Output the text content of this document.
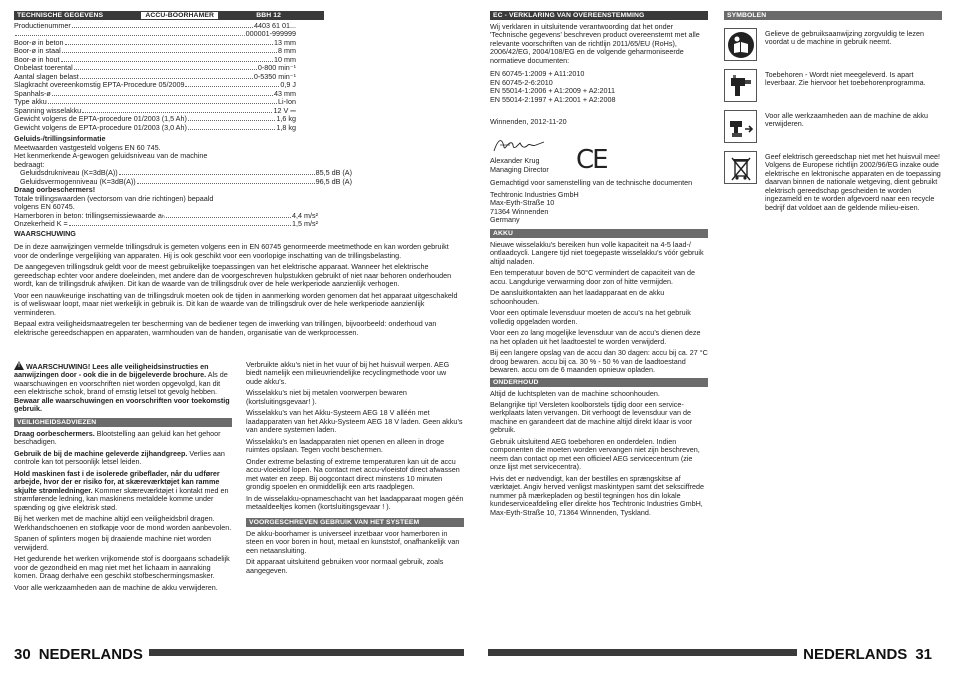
TECHNISCHE GEGEVENS	ACCU-BOORHAMER	BBH 12
Productienummer	4403 61 01...
...000001-999999
Boor-ø in beton	13 mm
Boor-ø in staal	8 mm
Boor-ø in hout	10 mm
Onbelast toerental	0-800 min⁻¹
Aantal slagen belast	0-5350 min⁻¹
Slagkracht overeenkomstig EPTA-Procedure 05/2009	0,9 J
Spanhals-ø	43 mm
Type akku	Li-Ion
Spanning wisselakku	12 V ⎓
Gewicht volgens de EPTA-procedure 01/2003 (1,5 Ah)	1,6 kg
Gewicht volgens de EPTA-procedure 01/2003 (3,0 Ah)	1,8 kg
Geluids-/trillingsinformatie
Meetwaarden vastgesteld volgens EN 60 745.
Het kenmerkende A-gewogen geluidsniveau van de machine
bedraagt:
Geluidsdrukniveau (K=3dB(A))	85,5 dB (A)
Geluidsvermogenniveau (K=3dB(A))	96,5 dB (A)
Draag oorbeschermers!
Totale trillingswaarden (vectorsom van drie richtingen) bepaald
volgens EN 60745.
Hamerboren in beton: trillingsemissiewaarde aₕ	4,4 m/s²
Onzekerheid K =	1,5 m/s²
WAARSCHUWING

De in deze aanwijzingen vermelde trillingsdruk is gemeten volgens een in EN 60745 genormeerde meetmethode en kan worden gebruikt voor de onderlinge vergelijking van apparaten. Hij is ook geschikt voor een voorlopige inschatting van de trillingsbelasting.

De aangegeven trillingsdruk geldt voor de meest gebruikelijke toepassingen van het elektrische apparaat. Wanneer het elektrische gereedschap echter voor andere doeleinden, met andere dan de voorgeschreven hulpstukken gebruikt of niet naar behoren onderhouden wordt, kan de trillingsdruk afwijken. Dit kan de waarde van de trillingsdruk over de hele werkperiode aanzienlijk verhogen.

Voor een nauwkeurige inschatting van de trillingsdruk moeten ook de tijden in aanmerking worden genomen dat het apparaat uitgeschakeld is of weliswaar loopt, maar niet werkelijk in gebruik is. Dit kan de waarde van de trillingsdruk over de hele werkperiode aanzienlijk verminderen.

Bepaal extra veiligheidsmaatregelen ter bescherming van de bediener tegen de inwerking van trillingen, bijvoorbeeld: onderhoud van elektrische gereedschappen en apparaten, warmhouden van de handen, organisatie van de werkprocessen.

! WAARSCHUWING! Lees alle veiligheidsinstructies en aanwijzingen door - ook die in de bijgeleverde brochure. Als de waarschuwingen en voorschriften niet worden opgevolgd, kan dit een elektrische schok, brand of ernstig letsel tot gevolg hebben.
Bewaar alle waarschuwingen en voorschriften voor toekomstig gebruik.

VEILIGHEIDSADVIEZEN

Draag oorbeschermers. Blootstelling aan geluid kan het gehoor beschadigen.

Gebruik de bij de machine geleverde zijhandgreep. Verlies aan controle kan tot persoonlijk letsel leiden.

Hold maskinen fast i de isolerede gribeflader, når du udfører arbejde, hvor der er risiko for, at skæreværktøjet kan ramme skjulte strømledninger. Kommer skæreværktøjet i kontakt med en strømførende ledning, kan maskinens metaldele komme under spænding og give elektrisk stød.

Bij het werken met de machine altijd een veiligheidsbril dragen. Werkhandschoenen en stofkapje voor de mond worden aanbevolen.

Spanen of splinters mogen bij draaiende machine niet worden verwijderd.

Het gedurende het werken vrijkomende stof is doorgaans schadelijk voor de gezondheid en mag niet met het lichaam in aanraking komen. Draag derhalve een geschikt stofbeschermingsmasker.

Voor alle werkzaamheden aan de machine de akku verwijderen.

Verbruikte akku’s niet in het vuur of bij het huisvuil werpen. AEG biedt namelijk een milieuvriendelijke recyclingmethode voor uw oude akku’s.

Wisselakku’s niet bij metalen voorwerpen bewaren (kortsluitingsgevaar! ).

Wisselakku’s van het Akku-Systeem AEG 18 V alléén met laadapparaten van het Akku-Systeem AEG 18 V laden. Geen akku’s van andere systemen laden.

Wisselakku’s en laadapparaten niet openen en alleen in droge ruimtes opslaan. Tegen vocht beschermen.

Onder extreme belasting of extreme temperaturen kan uit de accu accu-vloeistof lopen. Na contact met accu-vloeistof direct afwassen met water en zeep. Bij oogcontact direct minstens 10 minuten grondig spoelen en onmiddellijk een arts raadplegen.

In de wisselakku-opnameschacht van het laadapparaat mogen géén metaaldeeltjes komen (kortsluitingsgevaar ! ).

VOORGESCHREVEN GEBRUIK VAN HET SYSTEEM

De akku-boorhamer is universeel inzetbaar voor hamerboren in steen en voor boren in hout, metaal en kunststof, onafhankelijk van een netaansluiting.

Dit apparaat uitsluitend gebruiken voor normaal gebruik, zoals aangegeven.

30 NEDERLANDS
EC - VERKLARING VAN OVEREENSTEMMING

Wij verklaren in uitsluitende verantwoording dat het onder 'Technische gegevens' beschreven product overeenstemt met alle relevante voorschriften van de richtlijn 2011/65/EU (RoHs), 2006/42/EG, 2004/108/EG en de volgende geharmoniseerde normatieve documenten:

EN 60745-1:2009 + A11:2010
EN 60745-2-6:2010
EN 55014-1:2006 + A1:2009 + A2:2011
EN 55014-2:1997 + A1:2001 + A2:2008

Winnenden, 2012-11-20

CE
Alexander Krug
Managing Director

Gemachtigd voor samenstelling van de technische documenten

Techtronic Industries GmbH
Max-Eyth-Straße 10
71364 Winnenden
Germany
AKKU

Nieuwe wisselakku’s bereiken hun volle kapaciteit na 4-5 laad-/ ontlaadcycli. Langere tijd niet toegepaste wisselakku’s vóór gebruik altijd naladen.

Een temperatuur boven de 50°C vermindert de capaciteit van de accu. Langdurige verwarming door zon of hitte vermijden.

De aansluitkontakten aan het laadapparaat en de akku schoonhouden.

Voor een optimale levensduur moeten de accu’s na het gebruik volledig opgeladen worden.

Voor een zo lang mogelijke levensduur van de accu’s dienen deze na het opladen uit het laadtoestel te worden verwijderd.

Bij een langere opslag van de accu dan 30 dagen: accu bij ca. 27 °C droog bewaren. accu bij ca. 30 % - 50 % van de laadtoestand bewaren. accu om de 6 maanden opnieuw opladen.

ONDERHOUD

Altijd de luchtspleten van de machine schoonhouden.

Belangrijke tip! Versleten koolborstels tijdig door een service-werkplaats laten vervangen. Dit verhoogt de levensduur van de machine en garandeert dat de machine altijd direkt klaar is voor gebruik.

Gebruik uitsluitend AEG toebehoren en onderdelen. Indien componenten die moeten worden vervangen niet zijn beschreven, neem dan contact op met een officieel AEG servicecentrum (zie onze lijst met servicecentra).

Hvis det er nødvendigt, kan der bestilles en sprængskitse af værktøjet. Angiv herved venligst maskintypen samt det seksciffrede nummer på mærkepladen og bestil tegningen hos din lokale kundeserviceafdeling eller direkte hos Techtronic Industries GmbH, Max-Eyth-Straße 10, 71364 Winnenden, Tyskland.

SYMBOLEN
Gelieve de gebruiksaanwijzing zorgvuldig te lezen voordat u de machine in gebruik neemt.
Toebehoren - Wordt niet meegeleverd. Is apart leverbaar. Zie hiervoor het toebehorenprogramma.
Voor alle werkzaamheden aan de machine de akku verwijderen.
Geef elektrisch gereedschap niet met het huisvuil mee! Volgens de Europese richtlijn 2002/96/EG inzake oude elektrische en lektronische apparaten en de toepassing daarvan binnen de nationale wetgeving, dient gebruikt elektrisch gereedschap gescheiden te worden ingezameld en te worden afgevoerd naar een recycle bedrijf dat voldoet aan de geldende milieu-eisen.
NEDERLANDS 31
